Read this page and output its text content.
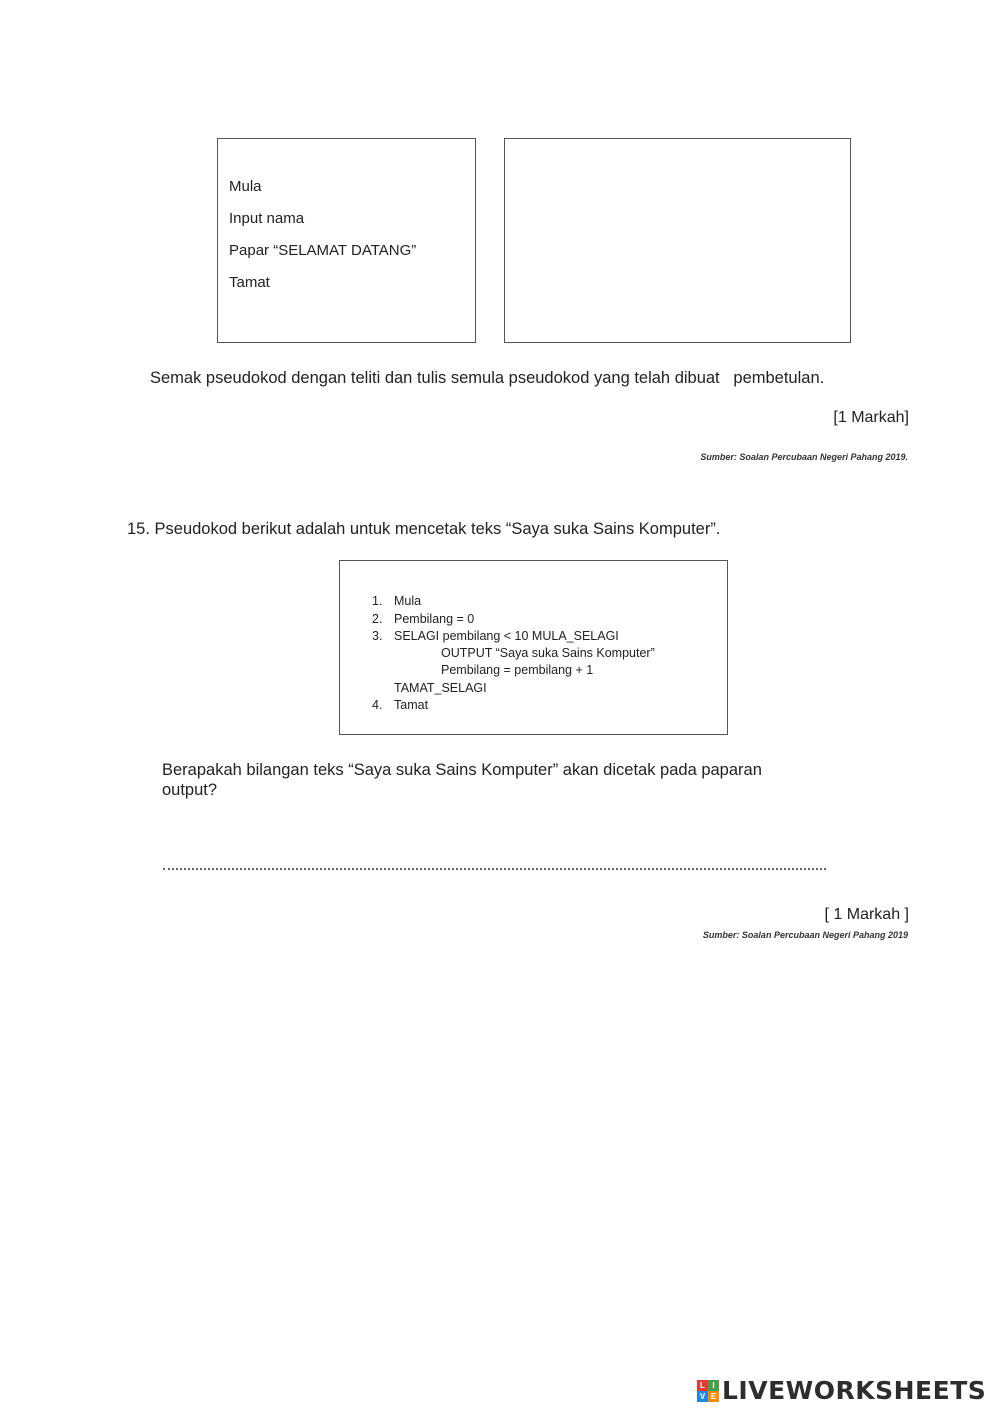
Mula
Input nama
Papar “SELAMAT DATANG”
Tamat
Semak pseudokod dengan teliti dan tulis semula pseudokod yang telah dibuat   pembetulan.
[1 Markah]
Sumber: Soalan Percubaan Negeri Pahang 2019.
15. Pseudokod berikut adalah untuk mencetak teks “Saya suka Sains Komputer”.
1. Mula
2. Pembilang = 0
3. SELAGI pembilang < 10 MULA_SELAGI
OUTPUT “Saya suka Sains Komputer”
Pembilang = pembilang + 1
TAMAT_SELAGI
4. Tamat
Berapakah bilangan teks “Saya suka Sains Komputer” akan dicetak pada paparan
output?
[ 1 Markah ]
Sumber: Soalan Percubaan Negeri Pahang 2019
L I
V E LIVEWORKSHEETS
